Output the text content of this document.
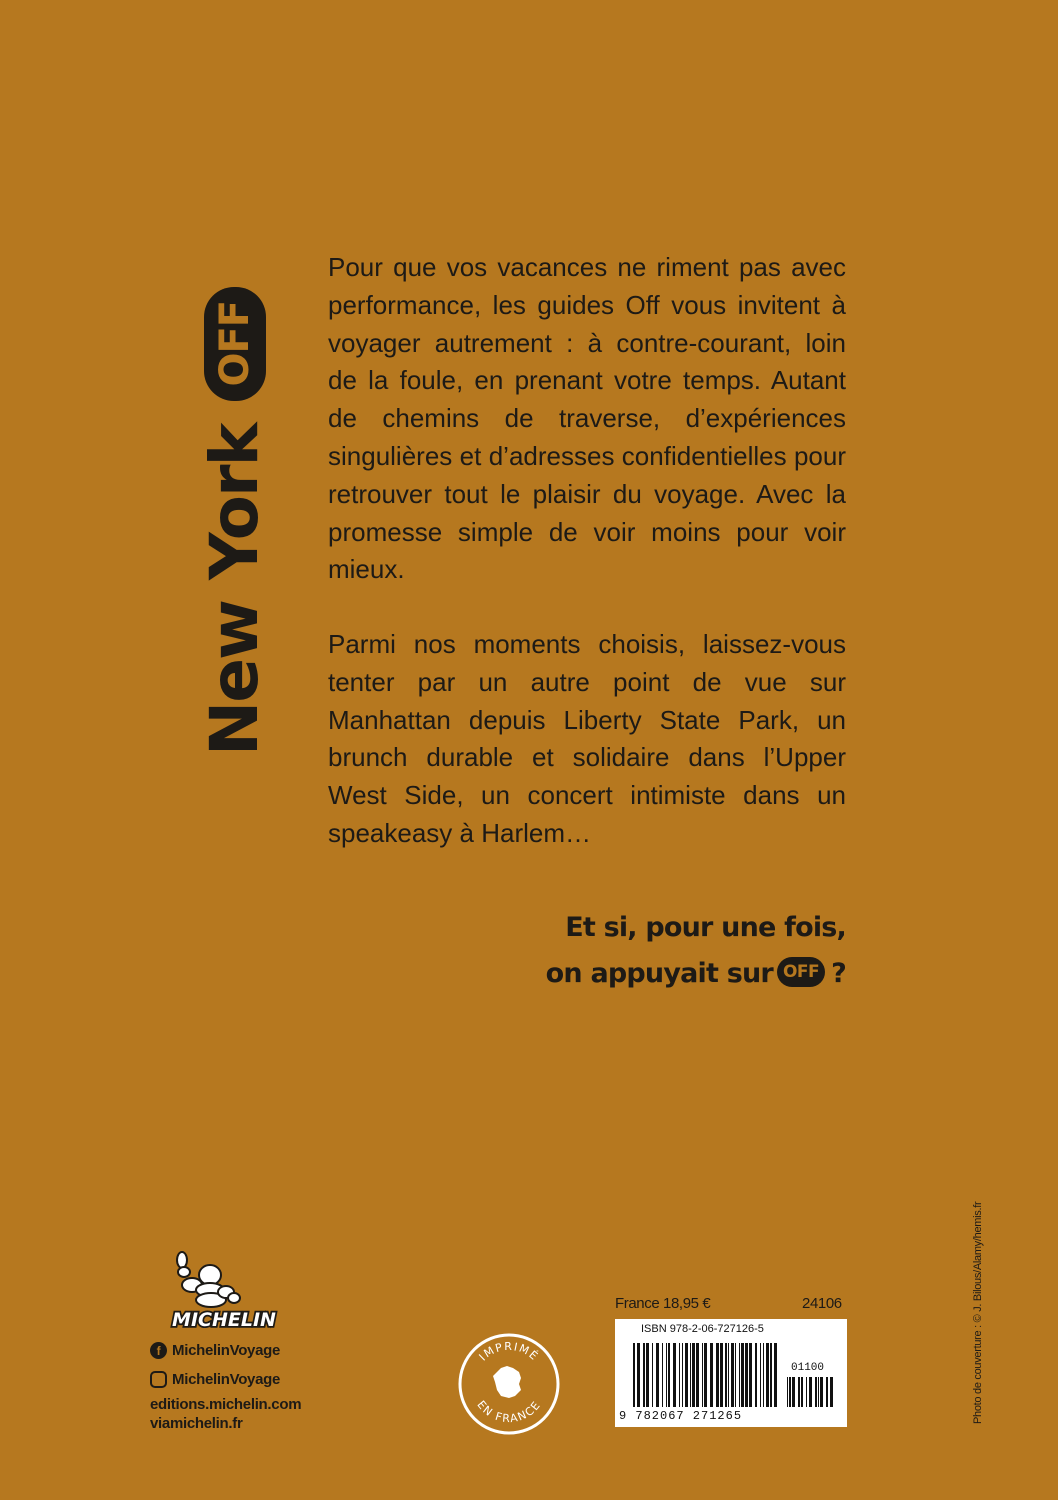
New York
OFF

Pour que vos vacances ne riment pas avec performance, les guides Off vous invitent à voyager autrement : à contre-courant, loin de la foule, en prenant votre temps. Autant de chemins de traverse, d’expériences singulières et d’adresses confidentielles pour retrouver tout le plaisir du voyage. Avec la promesse simple de voir moins pour voir mieux.

Parmi nos moments choisis, laissez-vous tenter par un autre point de vue sur Manhattan depuis Liberty State Park, un brunch durable et solidaire dans l’Upper West Side, un concert intimiste dans un speakeasy à Harlem…

Et si, pour une fois,
on appuyait sur OFF ?
MICHELIN
f MichelinVoyage
MichelinVoyage
editions.michelin.com
viamichelin.fr
IMPRIMÉ
EN FRANCE
France 18,95 €	24106
ISBN 978-2-06-727126-5
01100
9 782067 271265	Photo de couverture : © J. Bilous/Alamy/hemis.fr
